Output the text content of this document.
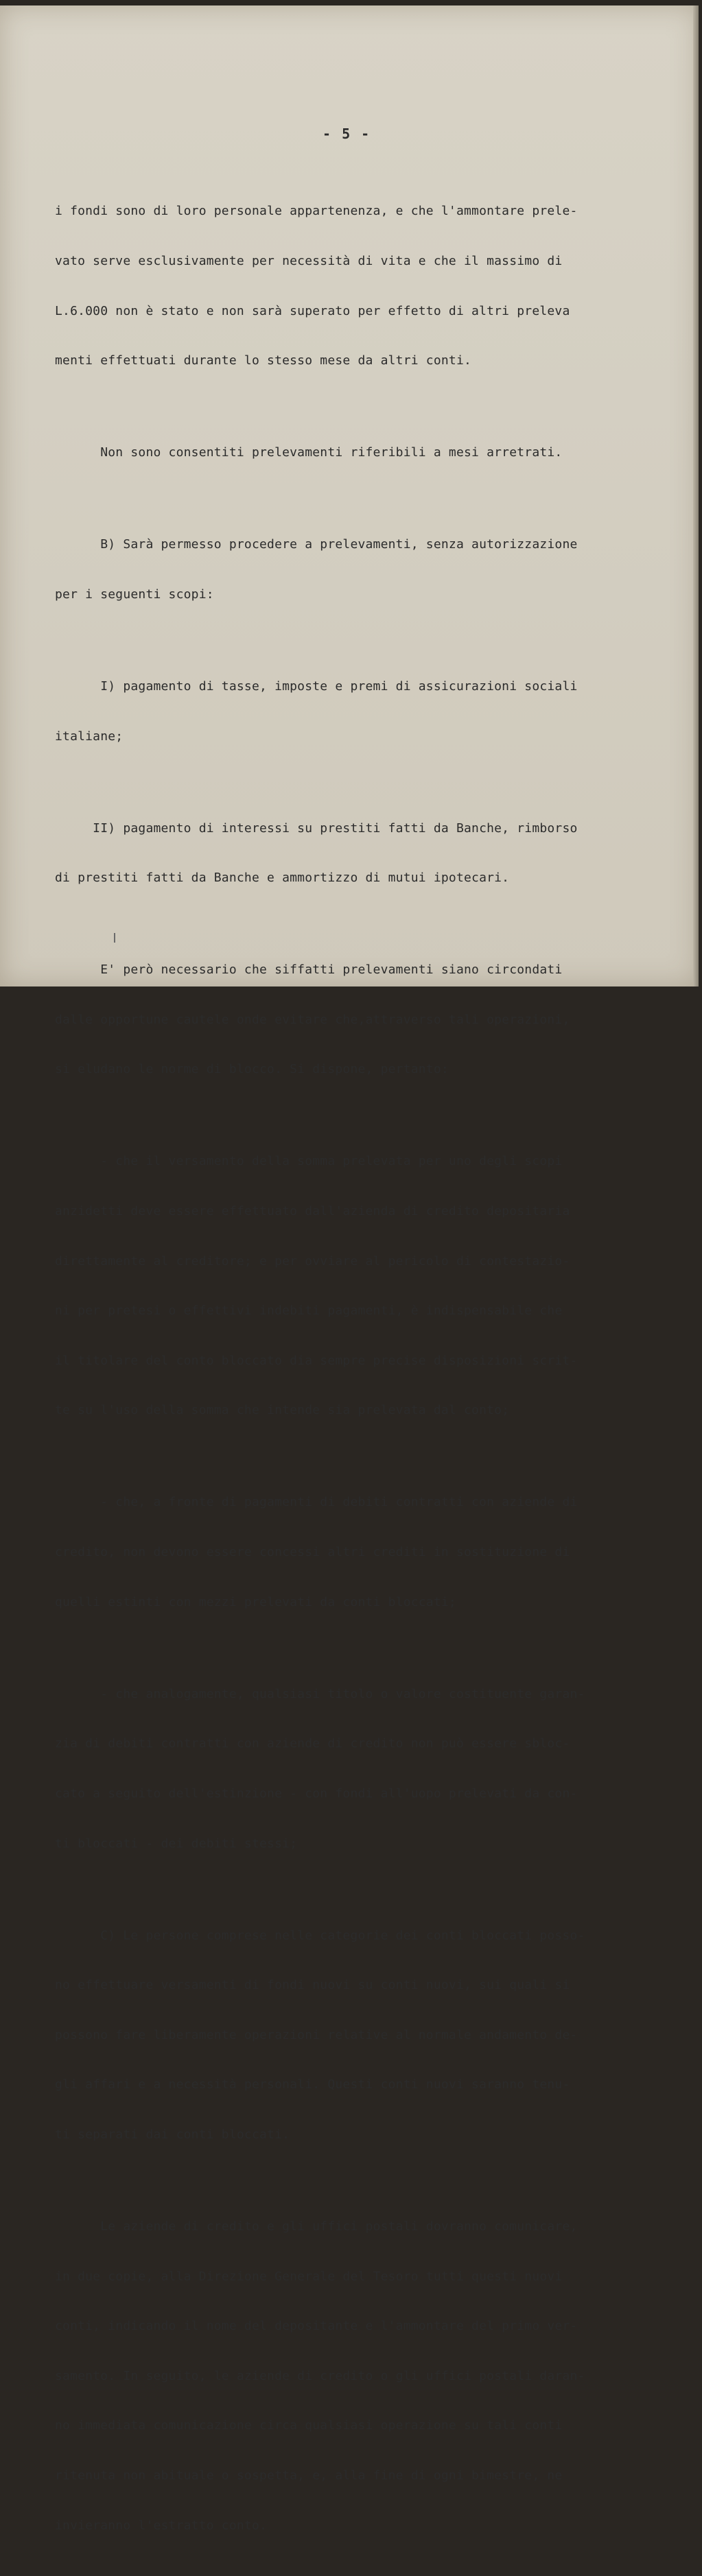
- 5 -

i fondi sono di loro personale appartenenza, e che l'ammontare prele-

vato serve esclusivamente per necessità di vita e che il massimo di

L.6.000 non è stato e non sarà superato per effetto di altri preleva

menti effettuati durante lo stesso mese da altri conti.

Non sono consentiti prelevamenti riferibili a mesi arretrati.

B) Sarà permesso procedere a prelevamenti, senza autorizzazione

per i seguenti scopi:

I) pagamento di tasse, imposte e premi di assicurazioni sociali

italiane;

II) pagamento di interessi su prestiti fatti da Banche, rimborso

di prestiti fatti da Banche e ammortizzo di mutui ipotecari.

E' però necessario che siffatti prelevamenti siano circondati

dalle opportune cautele onde evitare che,attraverso tali operazioni,

si eludano le norme di blocco. Si dispone, pertanto:

- che il versamento della somma prelevata per uno degli scopi

anzidetti deve essere effettuato dall'azienda di credito depositaria

direttamente al creditore; e per ovviare al pericolo di contestazio-

ni per pretesi o effettivi indebiti pagamenti, è indispensabile che

il titolare del conto bloccato dia sempre precise disposizioni scrit-

te su l'uso della somma che intende sia prelevata dal conto;

- che, a fronte di pagamenti di debiti contratti con aziende di

credito, non devono essere concessi altri crediti in sostituzione di

quelli estinti con mezzi prelevati da conti bloccati;

- che analogamente, qualsiasi titolo o valore costituente garan-

zia di debiti contratti con aziende di credito non può essere sbloc-

cato a seguito dell'estinzione - con fondi all'uopo prelevati da con-

ti bloccati - dei debiti stessi;

C) Le persone comprese nelle categorie dei conti bloccati posso-

no effettuare versamenti di fondi nuovi su conti nuovi, sui quali si

possono fare liberamente operazioni relative al normale andamento de-

gli affari e a necessità personali. Questi conti nuovi saranno tenu-

ti separati dai conti bloccati.

Le aziende di credito e gli uffici postali dovranno comunicare,

in due copie, alla Direzione Generale del Tesoro tutti questi nuovi

conti, indicando il nome del depositante e l'ammontare del primo ver-

samento. In seguito, le aziende di credito o gli uffici postali daran-

no immediata comunicazione circa qualsiasi operazione su tali conti

ritenuta non abituale o sospetta, e, alla fine di ogni bimestre, ne

invieranno l'estratto conto.
